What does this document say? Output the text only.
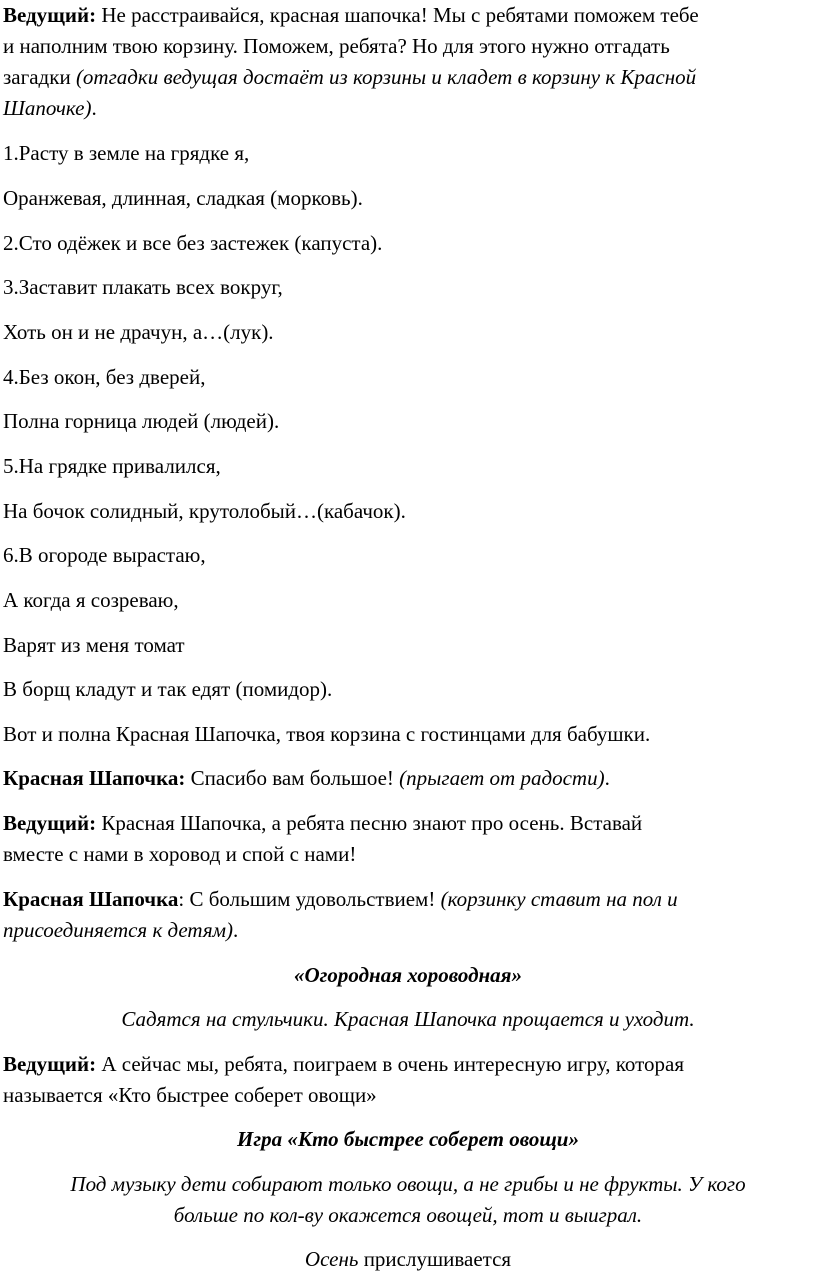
Ведущий: Не расстраивайся, красная шапочка! Мы с ребятами поможем тебе

и наполним твою корзину. Поможем, ребята? Но для этого нужно отгадать

загадки (отгадки ведущая достаёт из корзины и кладет в корзину к Красной

Шапочке).

1.Расту в земле на грядке я,

Оранжевая, длинная, сладкая (морковь).

2.Сто одёжек и все без застежек (капуста).

3.Заставит плакать всех вокруг,

Хоть он и не драчун, а…(лук).

4.Без окон, без дверей,

Полна горница людей (людей).

5.На грядке привалился,

На бочок солидный, крутолобый…(кабачок).

6.В огороде вырастаю,

А когда я созреваю,

Варят из меня томат

В борщ кладут и так едят (помидор).

Вот и полна Красная Шапочка, твоя корзина с гостинцами для бабушки.

Красная Шапочка: Спасибо вам большое! (прыгает от радости).

Ведущий: Красная Шапочка, а ребята песню знают про осень. Вставай

вместе с нами в хоровод и спой с нами!

Красная Шапочка: С большим удовольствием! (корзинку ставит на пол и

присоединяется к детям).

«Огородная хороводная»

Садятся на стульчики. Красная Шапочка прощается и уходит.

Ведущий: А сейчас мы, ребята, поиграем в очень интересную игру, которая

называется «Кто быстрее соберет овощи»

Игра «Кто быстрее соберет овощи»

Под музыку дети собирают только овощи, а не грибы и не фрукты. У кого

больше по кол-ву окажется овощей, тот и выиграл.

Осень прислушивается
